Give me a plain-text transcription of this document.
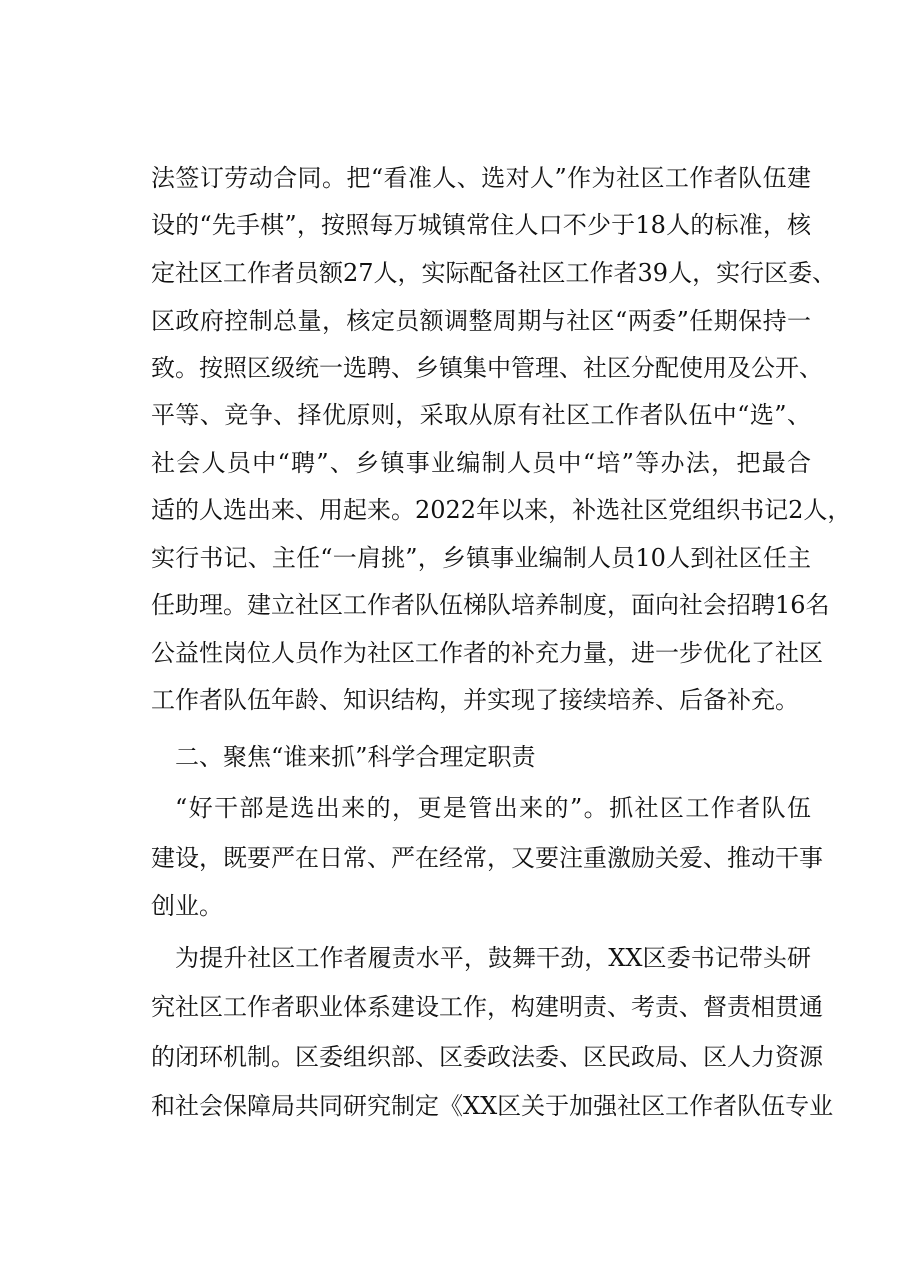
法签订劳动合同。把“看准人、选对人”作为社区工作者队伍建
设的“先手棋”，按照每万城镇常住人口不少于18人的标准，核
定社区工作者员额27人，实际配备社区工作者39人，实行区委、
区政府控制总量，核定员额调整周期与社区“两委”任期保持一
致。按照区级统一选聘、乡镇集中管理、社区分配使用及公开、
平等、竞争、择优原则，采取从原有社区工作者队伍中“选”、
社会人员中“聘”、乡镇事业编制人员中“培”等办法，把最合
适的人选出来、用起来。2022年以来，补选社区党组织书记2人，
实行书记、主任“一肩挑”，乡镇事业编制人员10人到社区任主
任助理。建立社区工作者队伍梯队培养制度，面向社会招聘16名
公益性岗位人员作为社区工作者的补充力量，进一步优化了社区
工作者队伍年龄、知识结构，并实现了接续培养、后备补充。
二、聚焦“谁来抓”科学合理定职责
“好干部是选出来的，更是管出来的”。抓社区工作者队伍
建设，既要严在日常、严在经常，又要注重激励关爱、推动干事
创业。
为提升社区工作者履责水平，鼓舞干劲，XX区委书记带头研
究社区工作者职业体系建设工作，构建明责、考责、督责相贯通
的闭环机制。区委组织部、区委政法委、区民政局、区人力资源
和社会保障局共同研究制定《XX区关于加强社区工作者队伍专业
